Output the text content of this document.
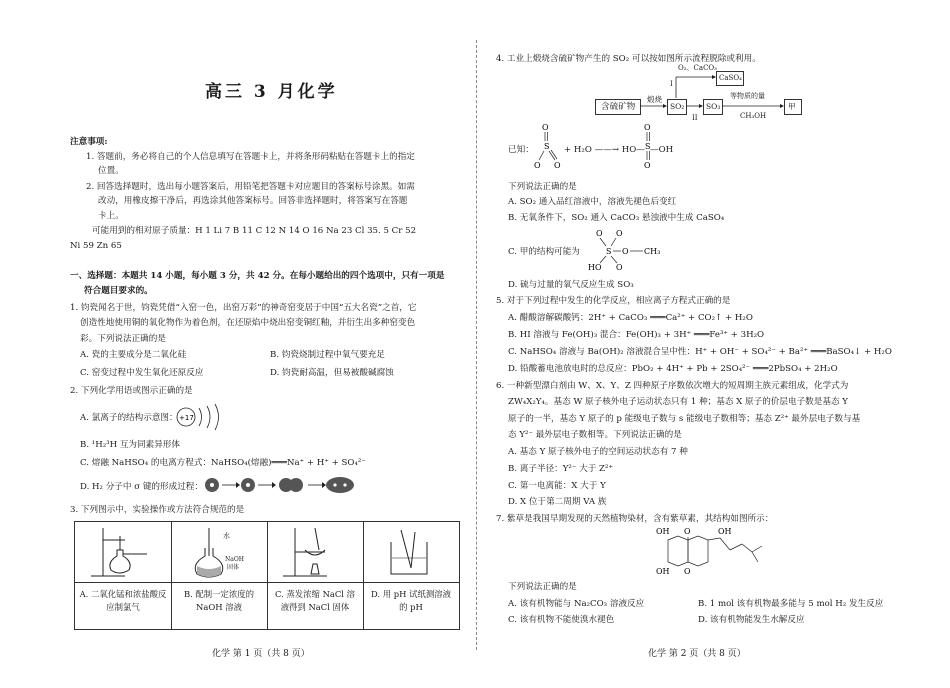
高三 3 月化学
注意事项:
1. 答题前，务必将自己的个人信息填写在答题卡上，并将条形码粘贴在答题卡上的指定
位置。
2. 回答选择题时，选出每小题答案后，用铅笔把答题卡对应题目的答案标号涂黑。如需
改动，用橡皮擦干净后，再选涂其他答案标号。回答非选择题时，将答案写在答题
卡上。
可能用到的相对原子质量：H 1 Li 7 B 11 C 12 N 14 O 16 Na 23 Cl 35. 5 Cr 52
Ni 59 Zn 65
一、选择题：本题共 14 小题，每小题 3 分，共 42 分。在每小题给出的四个选项中，只有一项是
符合题目要求的。
1. 钧瓷闻名于世，钧瓷凭借“入窑一色，出窑万彩”的神奇窑变居于中国“五大名瓷”之首，它
创造性地使用铜的氧化物作为着色剂，在还原焰中烧出窑变铜红釉，并衍生出多种窑变色
彩。下列说法正确的是
A. 瓷的主要成分是二氧化硅	B. 钧瓷烧制过程中氧气要充足
C. 窑变过程中发生氧化还原反应	D. 钧瓷耐高温，但易被酸碱腐蚀
2. 下列化学用语或图示正确的是
A. 氯离子的结构示意图： +17
B. ¹H₂³H 互为同素异形体
C. 熔融 NaHSO₄ 的电离方程式：NaHSO₄(熔融)═══Na⁺ + H⁺ + SO₄²⁻
D. H₂ 分子中 σ 键的形成过程：
3. 下列图示中，实验操作或方法符合规范的是
A. 二氧化锰和浓盐酸反应制氯气
水
NaOH
固体
B. 配制一定浓度的 NaOH 溶液
C. 蒸发浓缩 NaCl 溶液得到 NaCl 固体
D. 用 pH 试纸测溶液的 pH
化学 第 1 页（共 8 页）
4. 工业上煅烧含硫矿物产生的 SO₂ 可以按如图所示流程脱除或利用。
含硫矿物
煅烧
SO₂	SO₃
CaSO₄
甲
O₂、CaCO₃
I
II
等物质的量
CH₃OH
已知：
O
S
O O
+ H₂O ——→ HO—
O
S
O
—OH
下列说法正确的是
A. SO₂ 通入品红溶液中，溶液先褪色后变红
B. 无氧条件下，SO₂ 通入 CaCO₃ 悬浊液中生成 CaSO₄
C. 甲的结构可能为
O O
S O CH₃
HO O
D. 硫与过量的氧气反应生成 SO₃
5. 对于下列过程中发生的化学反应，相应离子方程式正确的是
A. 醋酸溶解碳酸钙：2H⁺ + CaCO₃ ═══Ca²⁺ + CO₂↑ + H₂O
B. HI 溶液与 Fe(OH)₃ 混合：Fe(OH)₃ + 3H⁺ ═══Fe³⁺ + 3H₂O
C. NaHSO₄ 溶液与 Ba(OH)₂ 溶液混合呈中性：H⁺ + OH⁻ + SO₄²⁻ + Ba²⁺ ═══BaSO₄↓ + H₂O
D. 铅酸蓄电池放电时的总反应：PbO₂ + 4H⁺ + Pb + 2SO₄²⁻ ═══2PbSO₄ + 2H₂O
6. 一种新型漂白剂由 W、X、Y、Z 四种原子序数依次增大的短周期主族元素组成，化学式为
ZW₄X₂Y₄。基态 W 原子核外电子运动状态只有 1 种；基态 X 原子的价层电子数是基态 Y
原子的一半，基态 Y 原子的 p 能级电子数与 s 能级电子数相等；基态 Z²⁺ 最外层电子数与基
态 Y²⁻ 最外层电子数相等。下列说法正确的是
A. 基态 Y 原子核外电子的空间运动状态有 7 种
B. 离子半径：Y²⁻ 大于 Z²⁺
C. 第一电离能：X 大于 Y
D. X 位于第二周期 VA 族
7. 紫草是我国早期发现的天然植物染材，含有紫草素，其结构如图所示：
OH O	OH
OH O
下列说法正确的是
A. 该有机物能与 Na₂CO₃ 溶液反应	B. 1 mol 该有机物最多能与 5 mol H₂ 发生反应
C. 该有机物不能使溴水褪色	D. 该有机物能发生水解反应
化学 第 2 页（共 8 页）
